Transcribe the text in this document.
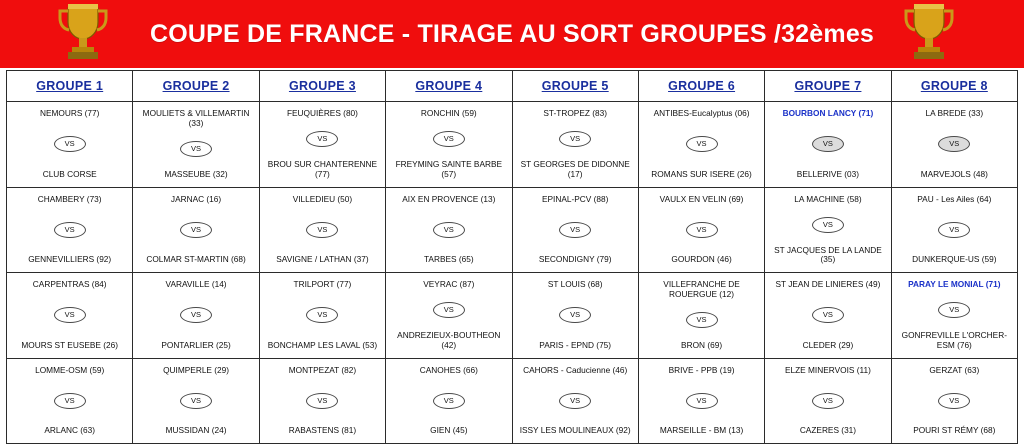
COUPE DE FRANCE - TIRAGE AU SORT GROUPES /32èmes
GROUPE 1
NEMOURS (77)
VS
CLUB CORSE
CHAMBERY (73)
VS
GENNEVILLIERS (92)
CARPENTRAS (84)
VS
MOURS ST EUSEBE (26)
LOMME-OSM (59)
VS
ARLANC (63)
GROUPE 2
MOULIETS & VILLEMARTIN (33)
VS
MASSEUBE (32)
JARNAC (16)
VS
COLMAR ST-MARTIN (68)
VARAVILLE (14)
VS
PONTARLIER (25)
QUIMPERLE (29)
VS
MUSSIDAN (24)
GROUPE 3
FEUQUIÈRES (80)
VS
BROU SUR CHANTERENNE (77)
VILLEDIEU (50)
VS
SAVIGNE / LATHAN (37)
TRILPORT (77)
VS
BONCHAMP LES LAVAL (53)
MONTPEZAT (82)
VS
RABASTENS (81)
GROUPE 4
RONCHIN (59)
VS
FREYMING SAINTE BARBE (57)
AIX EN PROVENCE (13)
VS
TARBES (65)
VEYRAC (87)
VS
ANDREZIEUX-BOUTHEON (42)
CANOHES (66)
VS
GIEN (45)
GROUPE 5
ST-TROPEZ (83)
VS
ST GEORGES DE DIDONNE (17)
EPINAL-PCV (88)
VS
SECONDIGNY (79)
ST LOUIS (68)
VS
PARIS - EPND (75)
CAHORS - Caducienne (46)
VS
ISSY LES MOULINEAUX (92)
GROUPE 6
ANTIBES-Eucalyptus (06)
VS
ROMANS SUR ISERE (26)
VAULX EN VELIN (69)
VS
GOURDON (46)
VILLEFRANCHE DE ROUERGUE (12)
VS
BRON (69)
BRIVE - PPB (19)
VS
MARSEILLE - BM (13)
GROUPE 7
BOURBON LANCY (71)
VS
BELLERIVE (03)
LA MACHINE (58)
VS
ST JACQUES DE LA LANDE (35)
ST JEAN DE LINIERES (49)
VS
CLEDER (29)
ELZE MINERVOIS (11)
VS
CAZERES (31)
GROUPE 8
LA BREDE (33)
VS
MARVEJOLS (48)
PAU - Les Ailes (64)
VS
DUNKERQUE-US (59)
PARAY LE MONIAL (71)
VS
GONFREVILLE L'ORCHER-ESM (76)
GERZAT (63)
VS
POURI ST RÉMY (68)
